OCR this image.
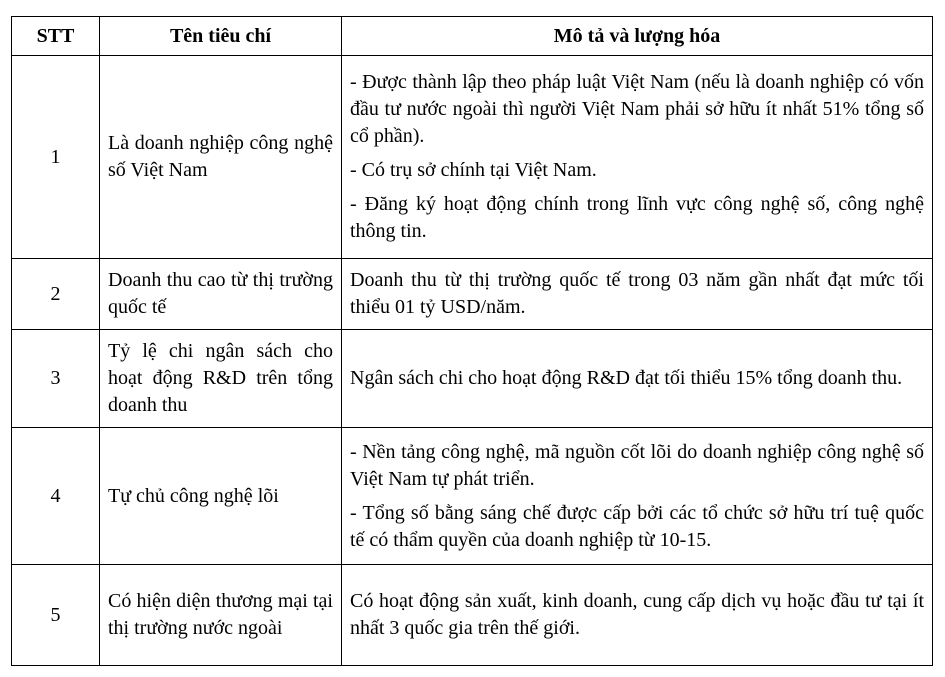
STT	Tên tiêu chí	Mô tả và lượng hóa
1	Là doanh nghiệp công nghệ số Việt Nam	- Được thành lập theo pháp luật Việt Nam (nếu là doanh nghiệp có vốn đầu tư nước ngoài thì người Việt Nam phải sở hữu ít nhất 51% tổng số cổ phần).

- Có trụ sở chính tại Việt Nam.

- Đăng ký hoạt động chính trong lĩnh vực công nghệ số, công nghệ thông tin.

2	Doanh thu cao từ thị trường quốc tế	Doanh thu từ thị trường quốc tế trong 03 năm gần nhất đạt mức tối thiểu 01 tỷ USD/năm.

3	Tỷ lệ chi ngân sách cho hoạt động R&D trên tổng doanh thu	Ngân sách chi cho hoạt động R&D đạt tối thiểu 15% tổng doanh thu.

4	Tự chủ công nghệ lõi	- Nền tảng công nghệ, mã nguồn cốt lõi do doanh nghiệp công nghệ số Việt Nam tự phát triển.

- Tổng số bằng sáng chế được cấp bởi các tổ chức sở hữu trí tuệ quốc tế có thẩm quyền của doanh nghiệp từ 10-15.

5	Có hiện diện thương mại tại thị trường nước ngoài	Có hoạt động sản xuất, kinh doanh, cung cấp dịch vụ hoặc đầu tư tại ít nhất 3 quốc gia trên thế giới.
